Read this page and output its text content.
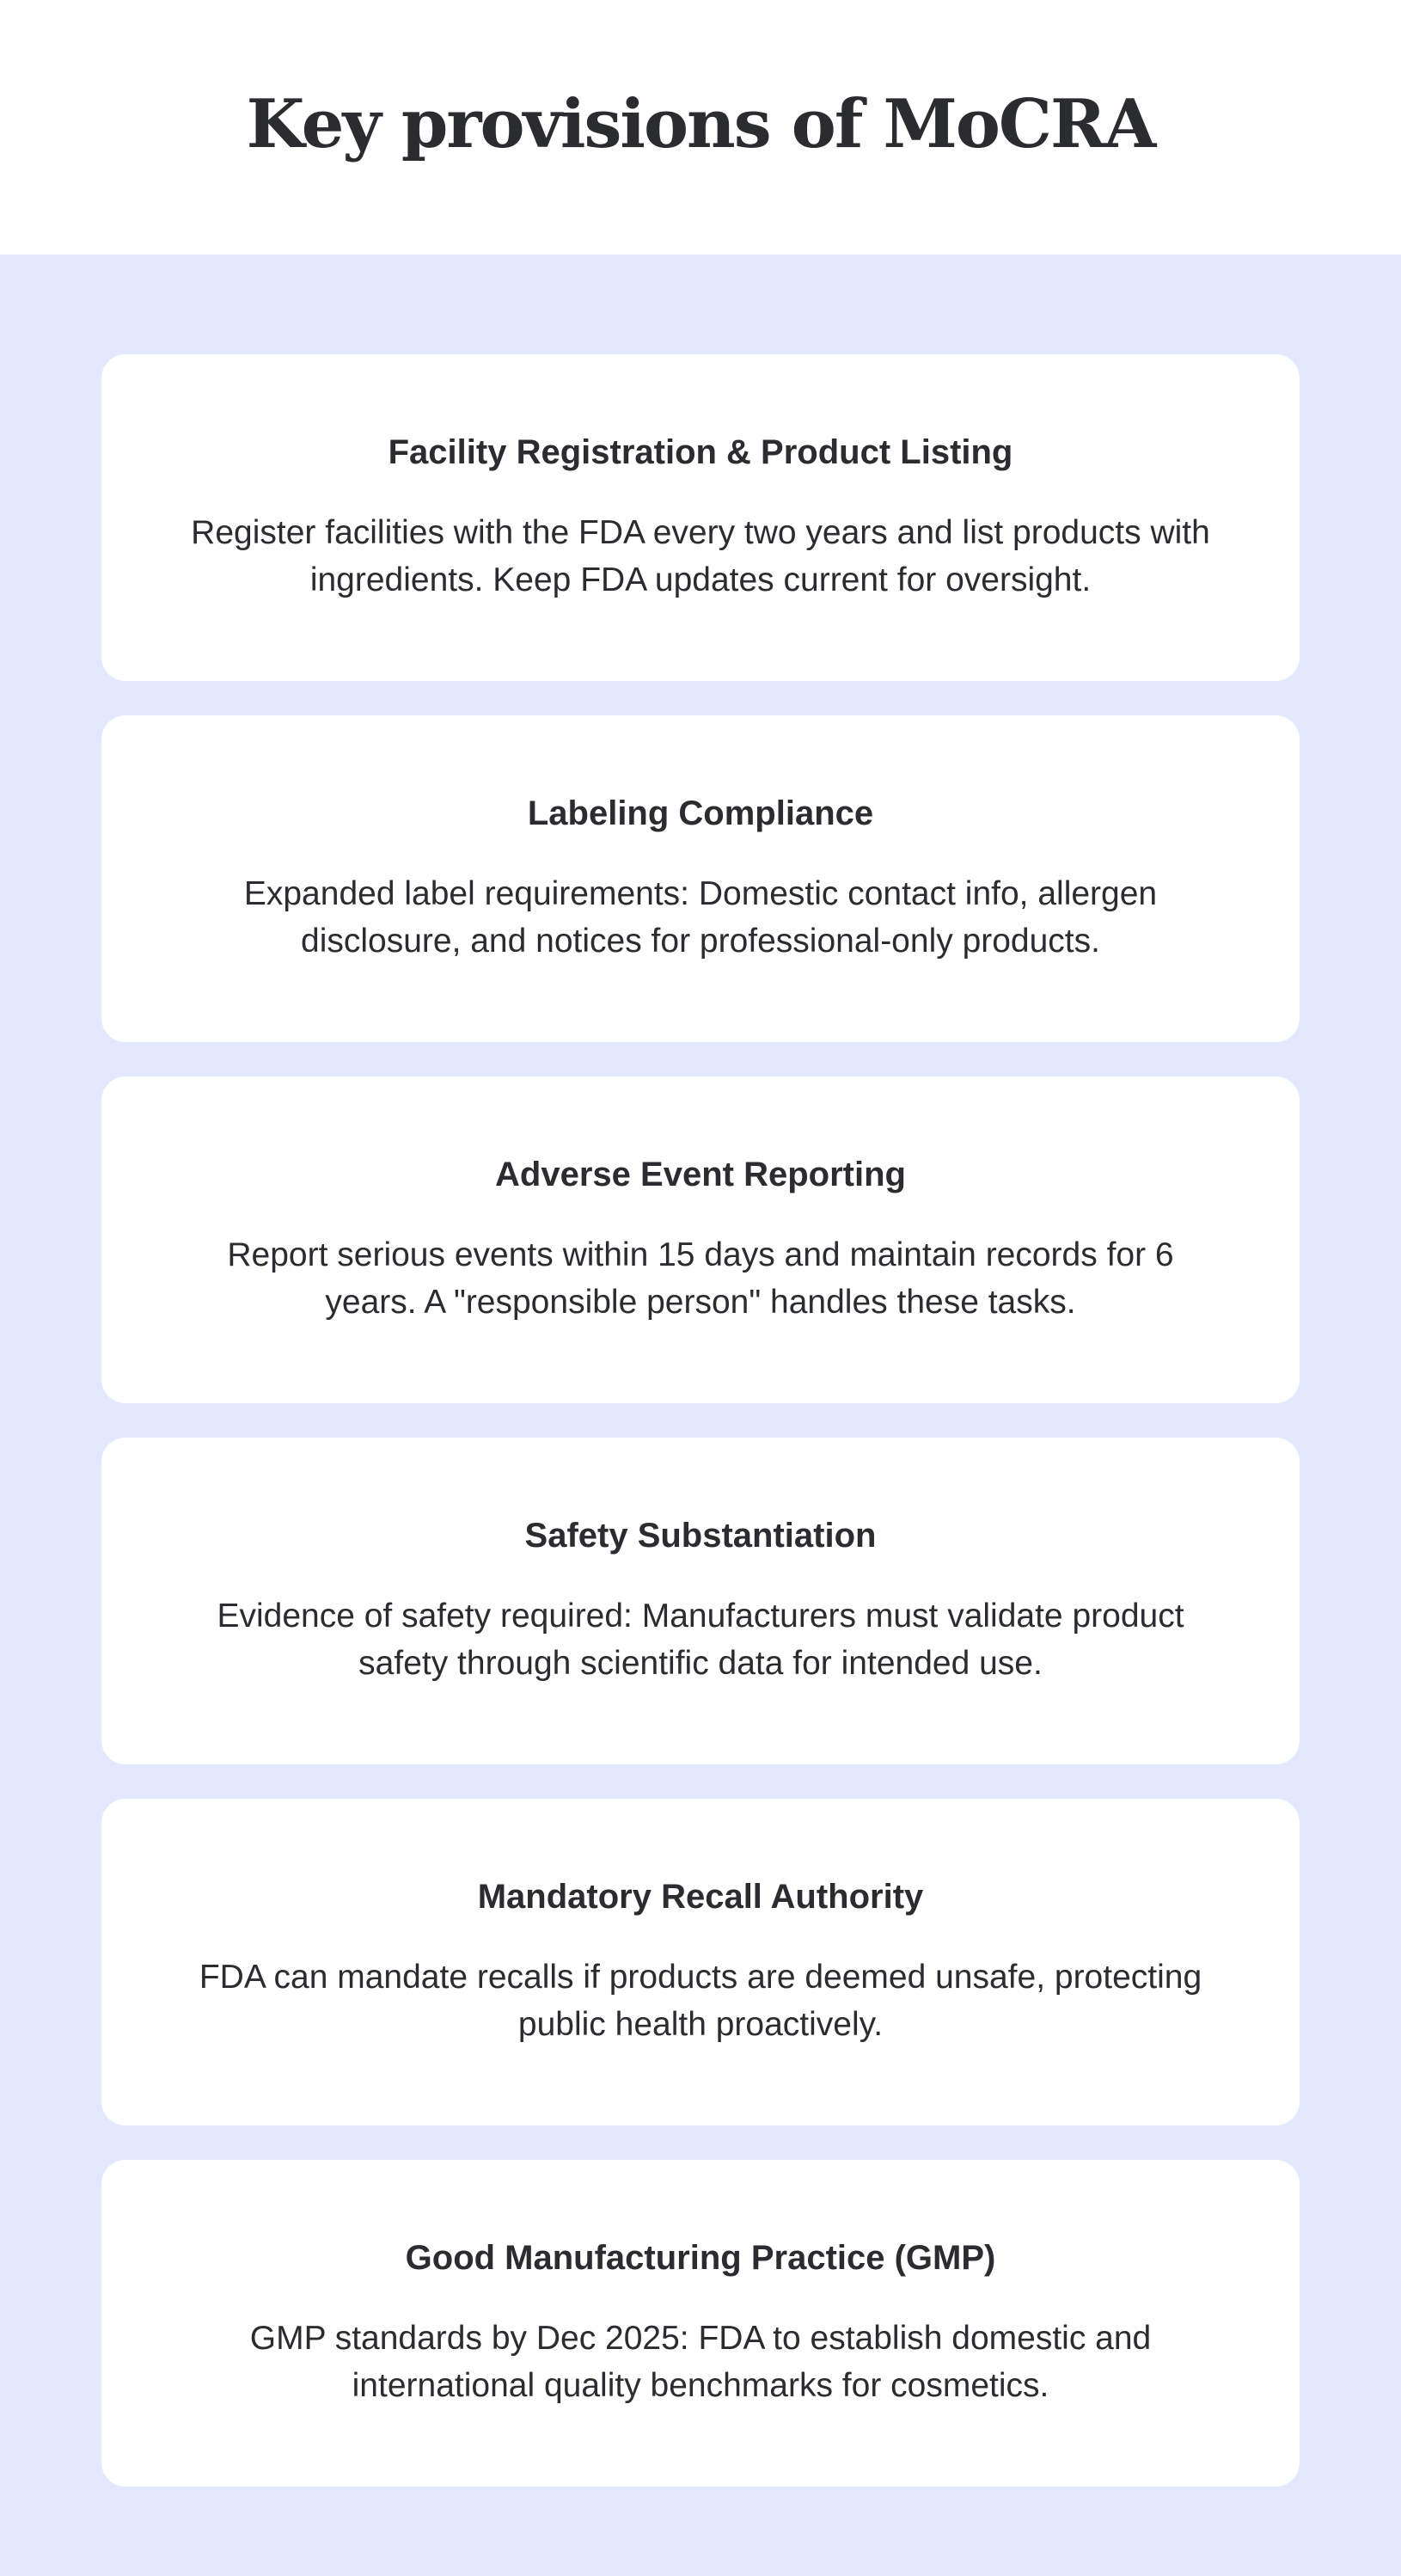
Key provisions of MoCRA
Facility Registration & Product Listing

Register facilities with the FDA every two years and list products with ingredients. Keep FDA updates current for oversight.

Labeling Compliance

Expanded label requirements: Domestic contact info, allergen disclosure, and notices for professional-only products.

Adverse Event Reporting

Report serious events within 15 days and maintain records for 6 years. A "responsible person" handles these tasks.

Safety Substantiation

Evidence of safety required: Manufacturers must validate product safety through scientific data for intended use.

Mandatory Recall Authority

FDA can mandate recalls if products are deemed unsafe, protecting public health proactively.

Good Manufacturing Practice (GMP)

GMP standards by Dec 2025: FDA to establish domestic and international quality benchmarks for cosmetics.
